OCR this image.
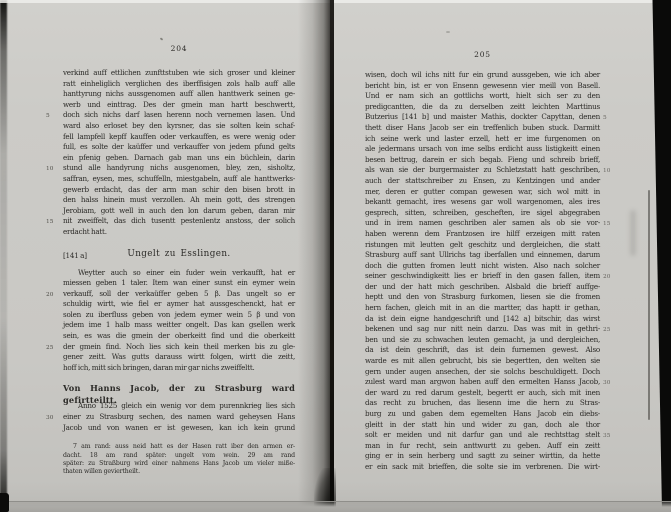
204
205
verkind auff ettlichen zunfttstuben wie sich groser und kleiner
ratt einheliglich verglichen des iberffisigen zols halb auff alle
hanttyrung nichs aussgenomen auff allen hanttwerk seinen ge-
werb und einttrag. Des der gmein man hartt beschwertt,
doch sich nichs darf lasen herenn noch vernemen lasen. Und
5
ward also erloset bey den kyrsner, das sie solten kein schaf-
fell lampfell kepff kauffen oder verkauffen, es were wenig oder
full, es solte der kaüffer und verkauffer von jedem pfund gelts
ein pfenig geben. Darnach gab man uns ein büchlein, darin
stund alle handyrung nichs ausgenomen, bley, zen, sisholtz,
10
saffran, eysen, mes, schuffelln, miestgabeln, auff ale hanttwerks-
gewerb erdacht, das der arm man schir den bisen brott in
den halss hinein must verzollen. Ah mein gott, des strengen
Jerobiam, gott well in auch den lon darum geben, daran mir
nit zweiffelt, das dich tusentt pestenlentz anstoss, der solich
15
erdacht hatt.
[141 a]	Ungelt zu Esslingen.
Weytter auch so einer ein fuder wein verkaufft, hat er
miessen geben 1 taler. Item wan einer sunst ein eymer wein
verkauff, soll der verkaüffer geben 5 β. Das ungelt so er
20
schuldig wirtt, wie fiel er aymer hat aussgeschenckt, hat er
solen zu iberfluss geben von jedem eymer wein 5 β und von
jedem ime 1 halb mass weitter ongelt. Das kan gsellen werk
sein, es was die gmein der oberkeitt find und die oberkeitt
der gmein find. Noch lies sich kein theil merken bis zu gle-
25
gener zeitt. Was gutts darauss wirtt folgen, wirtt die zeitt,
hoff ich, mitt sich bringen, daran mir gar nichs zweiffeltt.
Von Hanns Jacob, der zu Strasburg ward gefirtteiltt.
Anno 1525 gleich ein wenig vor dem purennkrieg lies sich
einer zu Strasburg sechen, des namen ward geheysen Hans
30
Jacob und von wanen er ist gewesen, kan ich kein grund
7 am rand: auss neid hatt es der Hasen ratt iber den armen er-
dacht. 18 am rand später: ungelt vom wein. 29 am rand
später: zu Straßburg wird einer nahmens Hans Jacob um vieler miße-
thaten willen geviertheilt.
wisen, doch wil ichs nitt fur ein grund aussgeben, wie ich aber
bericht bin, ist er von Ensenn gewesenn vier meill von Basell.
Und er nam sich an gottlichs wortt, hielt sich ser zu den
predigcantten, die da zu derselben zeitt leichten Marttinus
Butzerius [141 b] und maister Mathis, dockter Capyttan, denen 5
thett diser Hans Jacob ser ein treffenlich buben stuck. Darmitt
ich seine werk und laster erzell, hett er ime furgenomen on
ale jedermans ursach von ime selbs erdicht auss listigkeitt einen
besen bettrug, darein er sich begab. Fieng und schreib brieff,
als wan sie der burgermaister zu Schletzstatt hatt geschriben, 10
auch der stattschreiber zu Ensen, zu Kentzingen und ander
mer, deren er gutter compan gewesen war, sich wol mitt in
bekantt gemacht, ires wesens gar woll wargenomen, ales ires
gesprech, sitten, schreiben, gescheften, ire sigel abgegraben
und in irem namen geschriben aler samen als ob sie vor- 15
haben werenn dem Frantzosen ire hilff erzeigen mitt raten
ristungen mit leutten gelt geschitz und dergleichen, die statt
Strasburg auff sant Ullrichs tag iberfallen und einnemen, darum
doch die gutten fromen leutt nicht wisten. Also nach solcher
seiner geschwindigkeitt lies er brieff in den gasen fallen, item 20
der und der hatt mich geschriben. Alsbald die brieff auffge-
heptt und den von Strasburg furkomen, liesen sie die fromen
hern fachen, gleich mit in an die martter, das haptt ir gethan,
da ist dein eigne handgeschrift und [142 a] bitschir, das wirst
bekenen und sag nur nitt nein darzu. Das was mit in gethri- 25
ben und sie zu schwachen leuten gemacht, ja und dergleichen,
da ist dein geschrift, das ist dein furnemen gewest. Also
warde es mit allen gebrucht, bis sie begertten, den welten sie
gern under augen ansechen, der sie solchs beschuldigett. Doch
zulest ward man argwon haben auff den ermelten Hanss Jacob, 30
der ward zu red darum gestelt, begertt er auch, sich mit inen
das recht zu bruchen, das liesenn ime die hern zu Stras-
burg zu und gaben dem egemelten Hans Jacob ein diebs-
gleitt in der statt hin und wider zu gan, doch ale thor
solt er meiden und nit darfur gan und ale rechtsttag stelt 35
man in fur recht, sein anttwurtt zu geben. Auff ein zeitt
ging er in sein herberg und sagtt zu seiner wirttin, da hette
er ein sack mit brieffen, die solte sie im verbrenen. Die wirt-
